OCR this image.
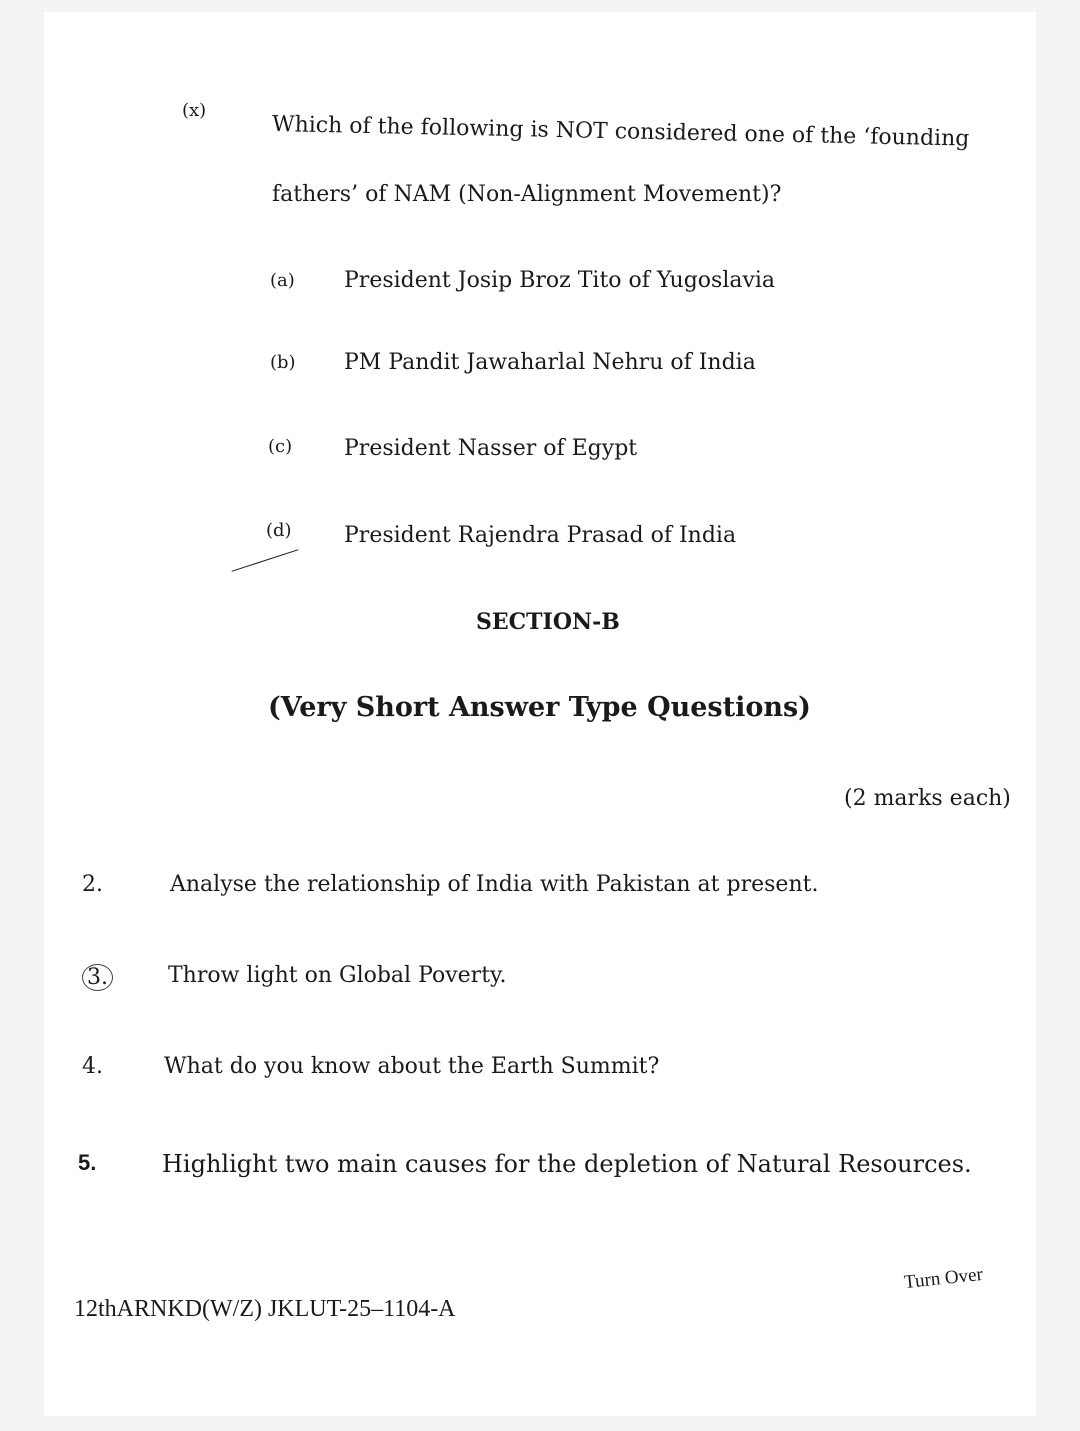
(x)
Which of the following is NOT considered one of the ‘founding
fathers’ of NAM (Non-Alignment Movement)?
(a) President Josip Broz Tito of Yugoslavia
(b) PM Pandit Jawaharlal Nehru of India
(c) President Nasser of Egypt
(d) President Rajendra Prasad of India
SECTION-B
(Very Short Answer Type Questions)
(2 marks each)
2.	Analyse the relationship of India with Pakistan at present.
3.	Throw light on Global Poverty.
4.	What do you know about the Earth Summit?
5.	Highlight two main causes for the depletion of Natural Resources.
12thARNKD(W/Z) JKLUT-25–1104-A
Turn Over
